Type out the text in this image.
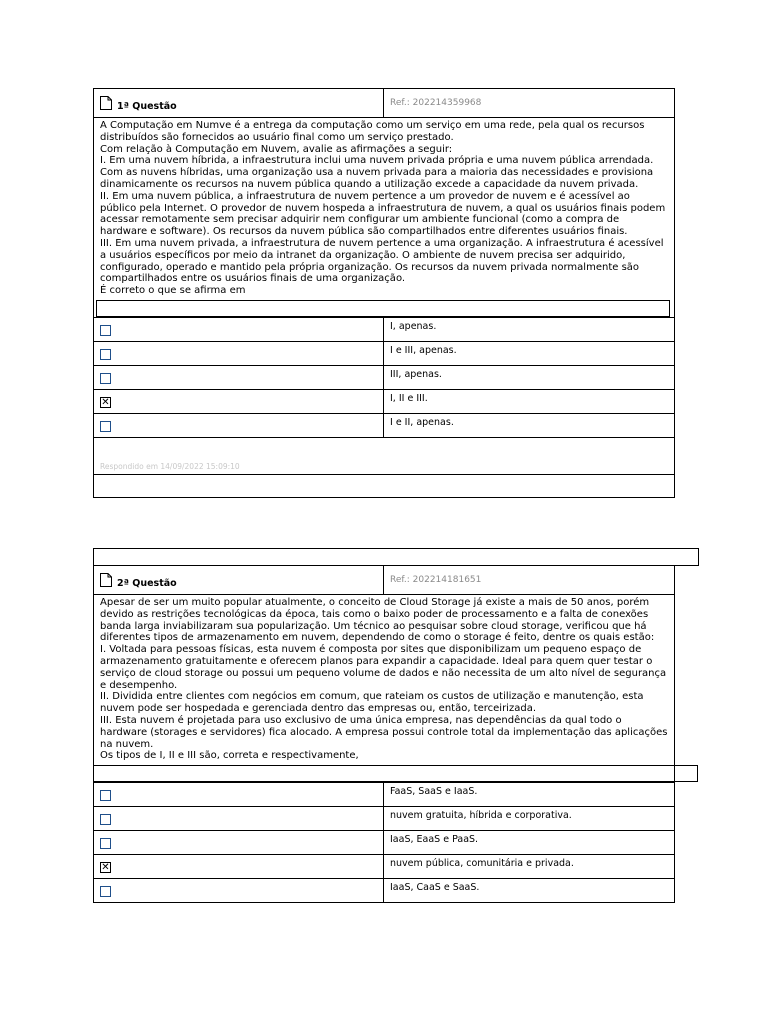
1ª Questão	Ref.: 202214359968

A Computação em Numve é a entrega da computação como um serviço em uma rede, pela qual os recursos distribuídos são fornecidos ao usuário final como um serviço prestado.

Com relação à Computação em Nuvem, avalie as afirmações a seguir:

I. Em uma nuvem híbrida, a infraestrutura inclui uma nuvem privada própria e uma nuvem pública arrendada. Com as nuvens híbridas, uma organização usa a nuvem privada para a maioria das necessidades e provisiona dinamicamente os recursos na nuvem pública quando a utilização excede a capacidade da nuvem privada.

II. Em uma nuvem pública, a infraestrutura de nuvem pertence a um provedor de nuvem e é acessível ao público pela Internet. O provedor de nuvem hospeda a infraestrutura de nuvem, a qual os usuários finais podem acessar remotamente sem precisar adquirir nem configurar um ambiente funcional (como a compra de hardware e software). Os recursos da nuvem pública são compartilhados entre diferentes usuários finais.

III. Em uma nuvem privada, a infraestrutura de nuvem pertence a uma organização. A infraestrutura é acessível a usuários específicos por meio da intranet da organização. O ambiente de nuvem precisa ser adquirido, configurado, operado e mantido pela própria organização. Os recursos da nuvem privada normalmente são compartilhados entre os usuários finais de uma organização.

É correto o que se afirma em

I, apenas.
I e III, apenas.
III, apenas.
✕	I, II e III.
I e II, apenas.
Respondido em 14/09/2022 15:09:10
2ª Questão	Ref.: 202214181651

Apesar de ser um muito popular atualmente, o conceito de Cloud Storage já existe a mais de 50 anos, porém devido as restrições tecnológicas da época, tais como o baixo poder de processamento e a falta de conexões banda larga inviabilizaram sua popularização. Um técnico ao pesquisar sobre cloud storage, verificou que há diferentes tipos de armazenamento em nuvem, dependendo de como o storage é feito, dentre os quais estão:

I. Voltada para pessoas físicas, esta nuvem é composta por sites que disponibilizam um pequeno espaço de armazenamento gratuitamente e oferecem planos para expandir a capacidade. Ideal para quem quer testar o serviço de cloud storage ou possui um pequeno volume de dados e não necessita de um alto nível de segurança e desempenho.

II. Dividida entre clientes com negócios em comum, que rateiam os custos de utilização e manutenção, esta nuvem pode ser hospedada e gerenciada dentro das empresas ou, então, terceirizada.

III. Esta nuvem é projetada para uso exclusivo de uma única empresa, nas dependências da qual todo o hardware (storages e servidores) fica alocado. A empresa possui controle total da implementação das aplicações na nuvem.

Os tipos de I, II e III são, correta e respectivamente,

FaaS, SaaS e IaaS.
nuvem gratuita, híbrida e corporativa.
IaaS, EaaS e PaaS.
✕	nuvem pública, comunitária e privada.
IaaS, CaaS e SaaS.
